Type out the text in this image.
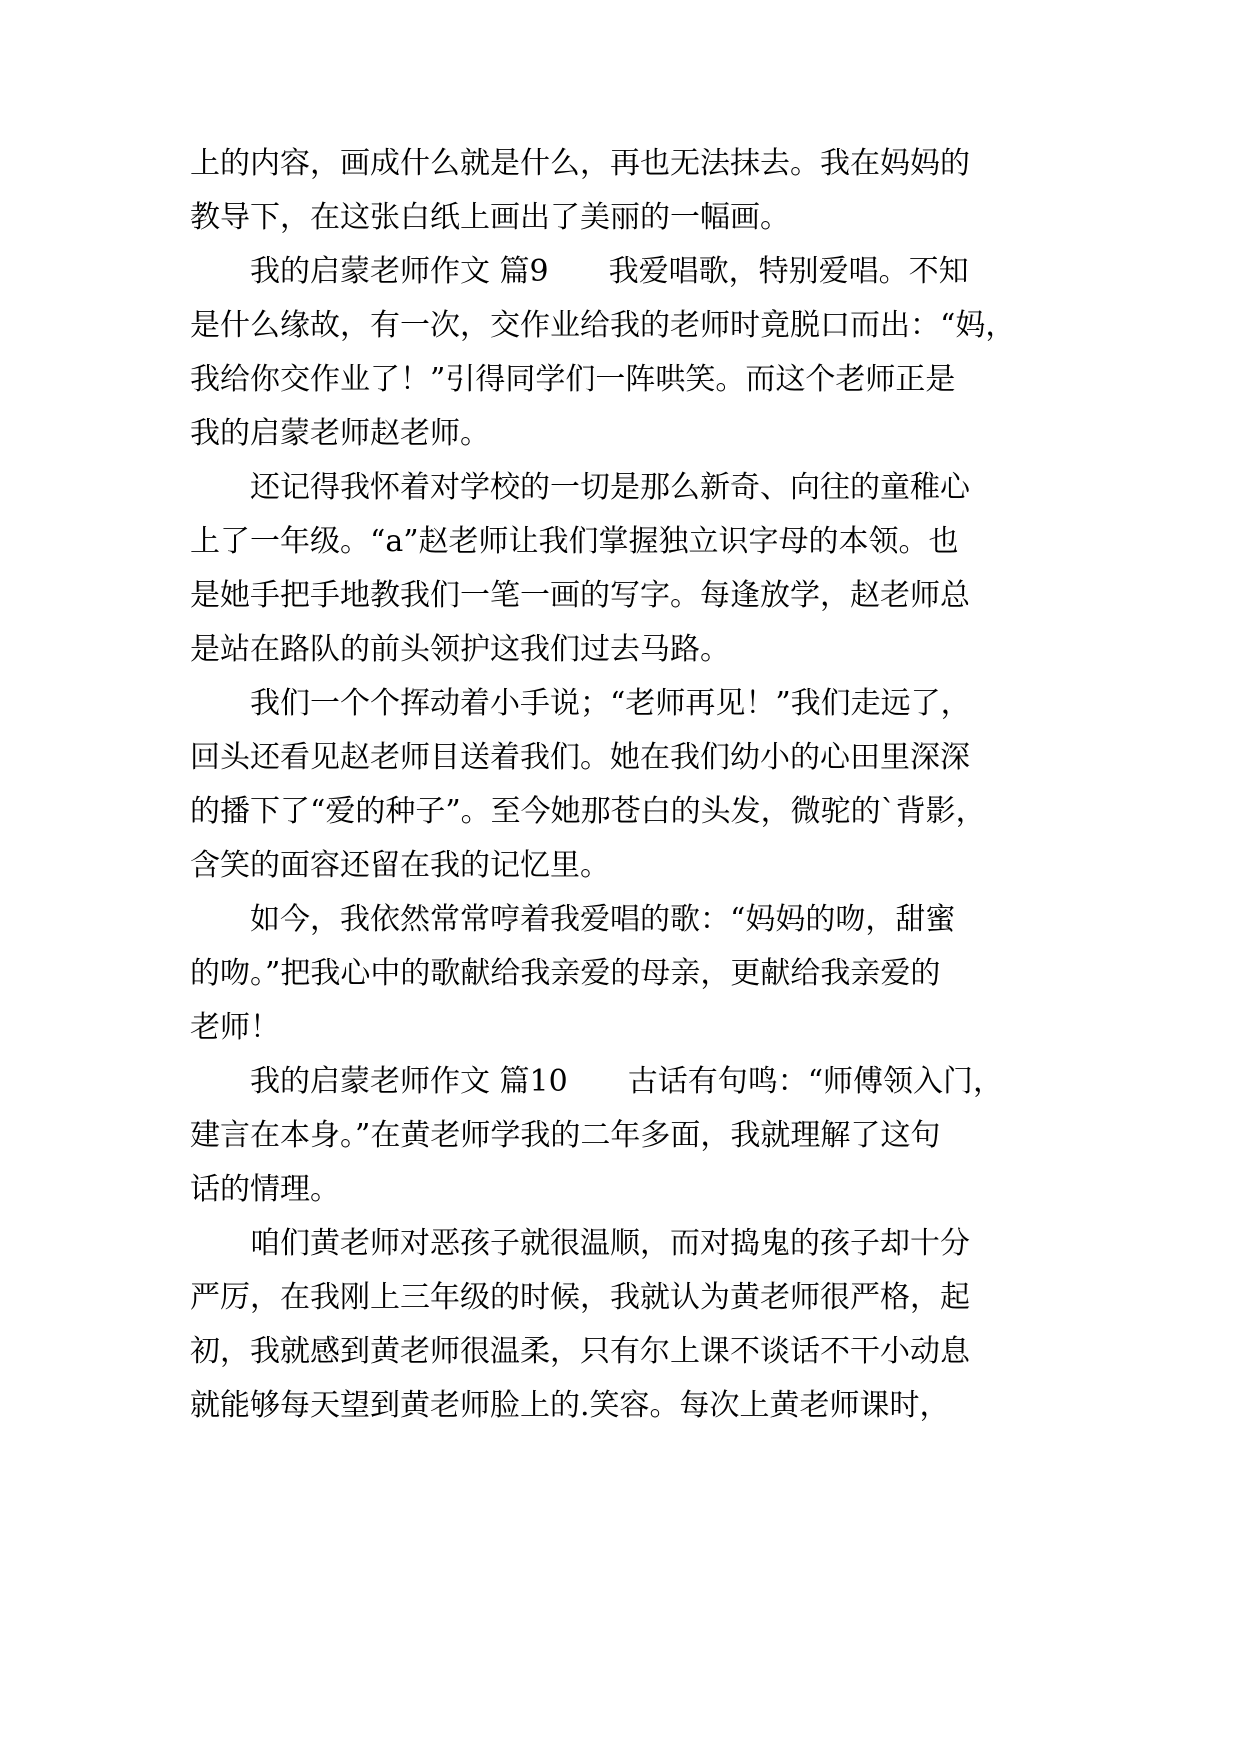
上的内容，画成什么就是什么，再也无法抹去。我在妈妈的
教导下，在这张白纸上画出了美丽的一幅画。
　　我的启蒙老师作文 篇9　　我爱唱歌，特别爱唱。不知
是什么缘故，有一次，交作业给我的老师时竟脱口而出：“妈，
我给你交作业了！”引得同学们一阵哄笑。而这个老师正是
我的启蒙老师赵老师。
　　还记得我怀着对学校的一切是那么新奇、向往的童稚心
上了一年级。“a”赵老师让我们掌握独立识字母的本领。也
是她手把手地教我们一笔一画的写字。每逢放学，赵老师总
是站在路队的前头领护这我们过去马路。
　　我们一个个挥动着小手说；“老师再见！”我们走远了，
回头还看见赵老师目送着我们。她在我们幼小的心田里深深
的播下了“爱的种子”。至今她那苍白的头发，微驼的`背影，
含笑的面容还留在我的记忆里。
　　如今，我依然常常哼着我爱唱的歌：“妈妈的吻，甜蜜
的吻。”把我心中的歌献给我亲爱的母亲，更献给我亲爱的
老师！
　　我的启蒙老师作文 篇10　　古话有句鸣：“师傅领入门，
建言在本身。”在黄老师学我的二年多面，我就理解了这句
话的情理。
　　咱们黄老师对恶孩子就很温顺，而对捣鬼的孩子却十分
严厉，在我刚上三年级的时候，我就认为黄老师很严格，起
初，我就感到黄老师很温柔，只有尔上课不谈话不干小动息
就能够每天望到黄老师脸上的.笑容。每次上黄老师课时，
